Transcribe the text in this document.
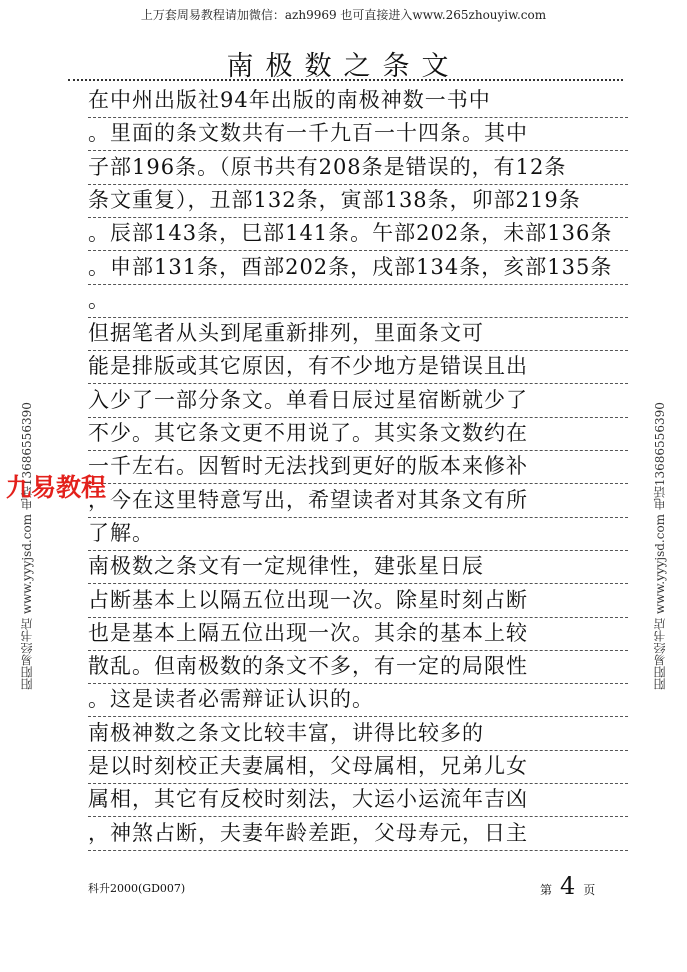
上万套周易教程请加微信：azh9969 也可直接进入www.265zhouyiw.com
南极数之条文
在中州出版社94年出版的南极神数一书中
。里面的条文数共有一千九百一十四条。其中
子部196条。（原书共有208条是错误的，有12条
条文重复），丑部132条，寅部138条，卯部219条
。辰部143条，巳部141条。午部202条，未部136条
。申部131条，酉部202条，戌部134条，亥部135条
。
但据笔者从头到尾重新排列，里面条文可
能是排版或其它原因，有不少地方是错误且出
入少了一部分条文。单看日辰过星宿断就少了
不少。其它条文更不用说了。其实条文数约在
一千左右。因暂时无法找到更好的版本来修补
，今在这里特意写出，希望读者对其条文有所
了解。
南极数之条文有一定规律性，建张星日辰
占断基本上以隔五位出现一次。除星时刻占断
也是基本上隔五位出现一次。其余的基本上较
散乱。但南极数的条文不多，有一定的局限性
。这是读者必需辩证认识的。
南极神数之条文比较丰富，讲得比较多的
是以时刻校正夫妻属相，父母属相，兄弟儿女
属相，其它有反校时刻法，大运小运流年吉凶
，神煞占断，夫妻年龄差距，父母寿元，日主
阳阳易经书店 www.yyyjsd.com 电话13686556390	阳阳易经书店 www.yyyjsd.com 电话13686556390
九易教程
科升2000(GD007)	第 4 页
